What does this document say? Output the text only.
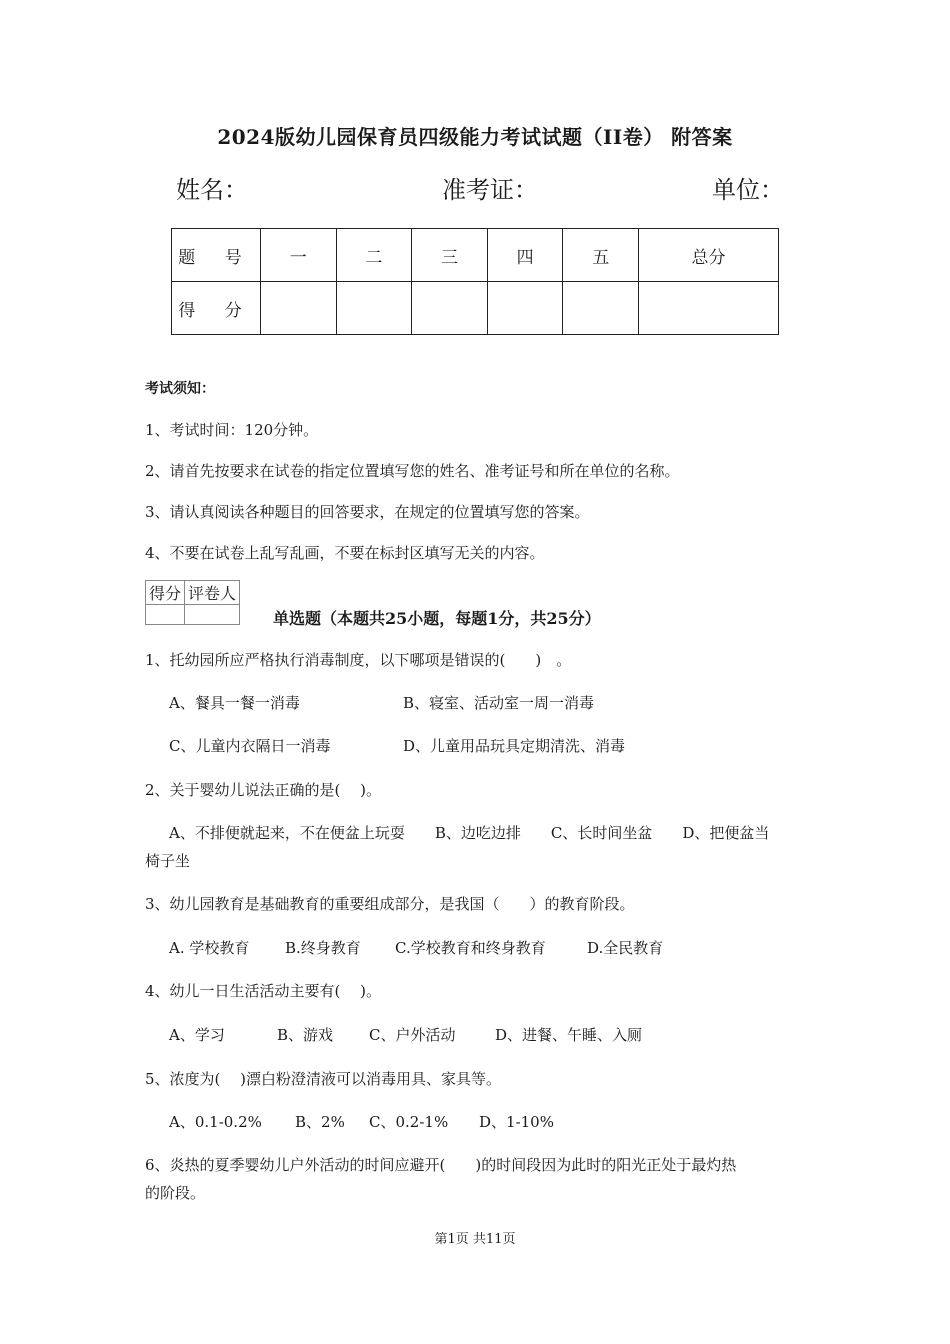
2024版幼儿园保育员四级能力考试试题（II卷） 附答案
姓名：	准考证：	单位：
题 号	一	二	三	四	五	总分
得 分						
考试须知：
1、考试时间：120分钟。
2、请首先按要求在试卷的指定位置填写您的姓名、准考证号和所在单位的名称。
3、请认真阅读各种题目的回答要求，在规定的位置填写您的答案。
4、不要在试卷上乱写乱画，不要在标封区填写无关的内容。
得分	评卷人

单选题（本题共25小题，每题1分，共25分）
1、托幼园所应严格执行消毒制度，以下哪项是错误的(　　)　。
A、餐具一餐一消毒	B、寝室、活动室一周一消毒
C、儿童内衣隔日一消毒	D、儿童用品玩具定期清洗、消毒
2、关于婴幼儿说法正确的是(　 )。
A、不排便就起来，不在便盆上玩耍　　B、边吃边排　　C、长时间坐盆　　D、把便盆当
椅子坐
3、幼儿园教育是基础教育的重要组成部分，是我国（　　）的教育阶段。
A. 学校教育 B.终身教育 C.学校教育和终身教育	D.全民教育
4、幼儿一日生活活动主要有(　 )。
A、学习	B、游戏 C、户外活动	D、进餐、午睡、入厕
5、浓度为(　 )漂白粉澄清液可以消毒用具、家具等。
A、0.1-0.2% B、2% C、0.2-1% D、1-10%
6、炎热的夏季婴幼儿户外活动的时间应避开(　　)的时间段因为此时的阳光正处于最灼热
的阶段。
第1页 共11页
